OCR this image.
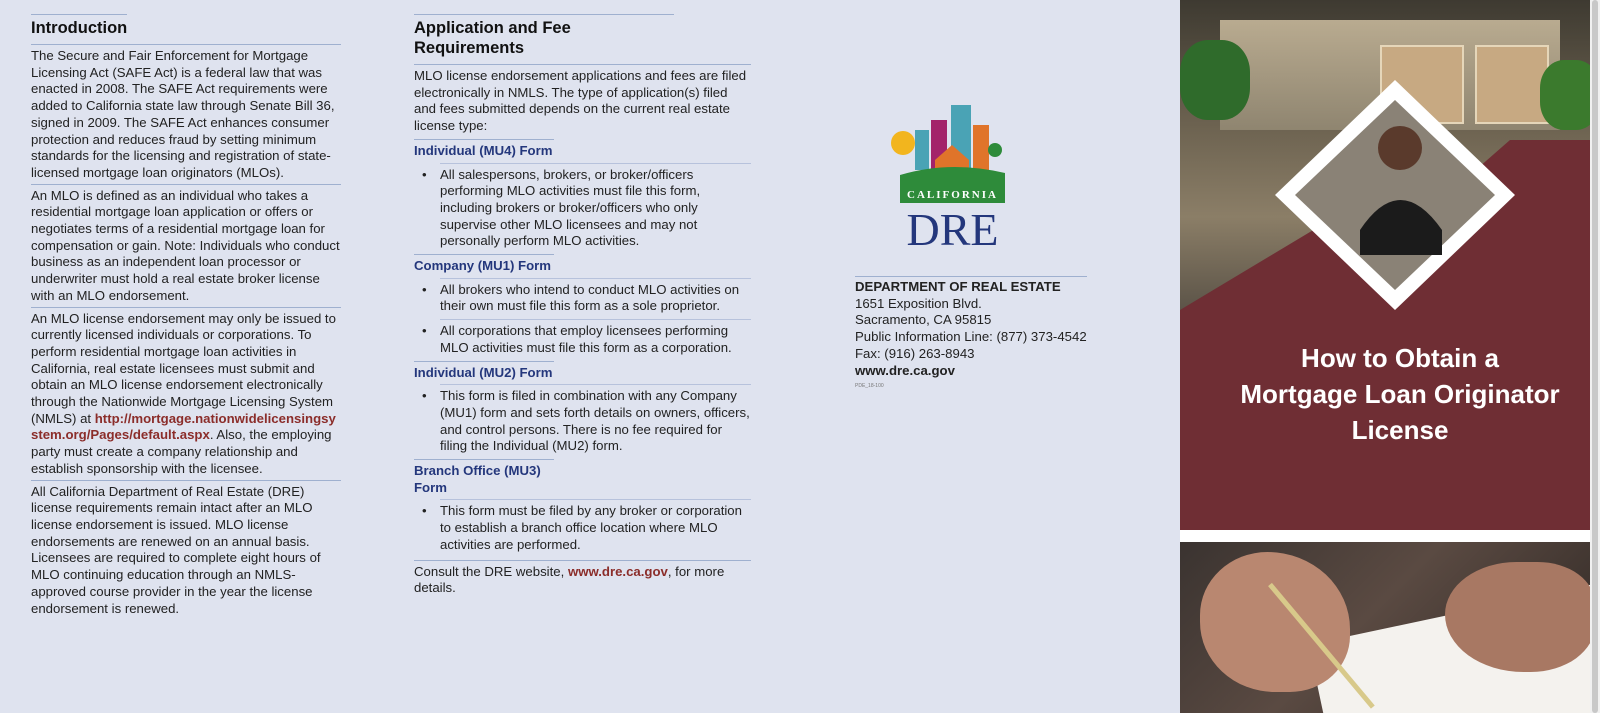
Introduction
The Secure and Fair Enforcement for Mortgage Licensing Act (SAFE Act) is a federal law that was enacted in 2008. The SAFE Act requirements were added to California state law through Senate Bill 36, signed in 2009. The SAFE Act enhances consumer protection and reduces fraud by setting minimum standards for the licensing and registration of state-licensed mortgage loan originators (MLOs).
An MLO is defined as an individual who takes a residential mortgage loan application or offers or negotiates terms of a residential mortgage loan for compensation or gain. Note: Individuals who conduct business as an independent loan processor or underwriter must hold a real estate broker license with an MLO endorsement.
An MLO license endorsement may only be issued to currently licensed individuals or corporations. To perform residential mortgage loan activities in California, real estate licensees must submit and obtain an MLO license endorsement electronically through the Nationwide Mortgage Licensing System (NMLS) at http://mortgage.nationwidelicensingsystem.org/Pages/default.aspx. Also, the employing party must create a company relationship and establish sponsorship with the licensee.
All California Department of Real Estate (DRE) license requirements remain intact after an MLO license endorsement is issued. MLO license endorsements are renewed on an annual basis. Licensees are required to complete eight hours of MLO continuing education through an NMLS-approved course provider in the year the license endorsement is renewed.
Application and Fee Requirements
MLO license endorsement applications and fees are filed electronically in NMLS. The type of application(s) filed and fees submitted depends on the current real estate license type:
Individual (MU4) Form
• All salespersons, brokers, or broker/officers performing MLO activities must file this form, including brokers or broker/officers who only supervise other MLO licensees and may not personally perform MLO activities.
Company (MU1) Form
• All brokers who intend to conduct MLO activities on their own must file this form as a sole proprietor.
• All corporations that employ licensees performing MLO activities must file this form as a corporation.
Individual (MU2) Form
• This form is filed in combination with any Company (MU1) form and sets forth details on owners, officers, and control persons. There is no fee required for filing the Individual (MU2) form.
Branch Office (MU3) Form
• This form must be filed by any broker or corporation to establish a branch office location where MLO activities are performed.
Consult the DRE website, www.dre.ca.gov, for more details.
CALIFORNIA
DRE
DEPARTMENT OF REAL ESTATE
1651 Exposition Blvd.
Sacramento, CA 95815
Public Information Line: (877) 373-4542
Fax: (916) 263-8943
www.dre.ca.gov
PDE_18-100
How to Obtain a Mortgage Loan Originator License
